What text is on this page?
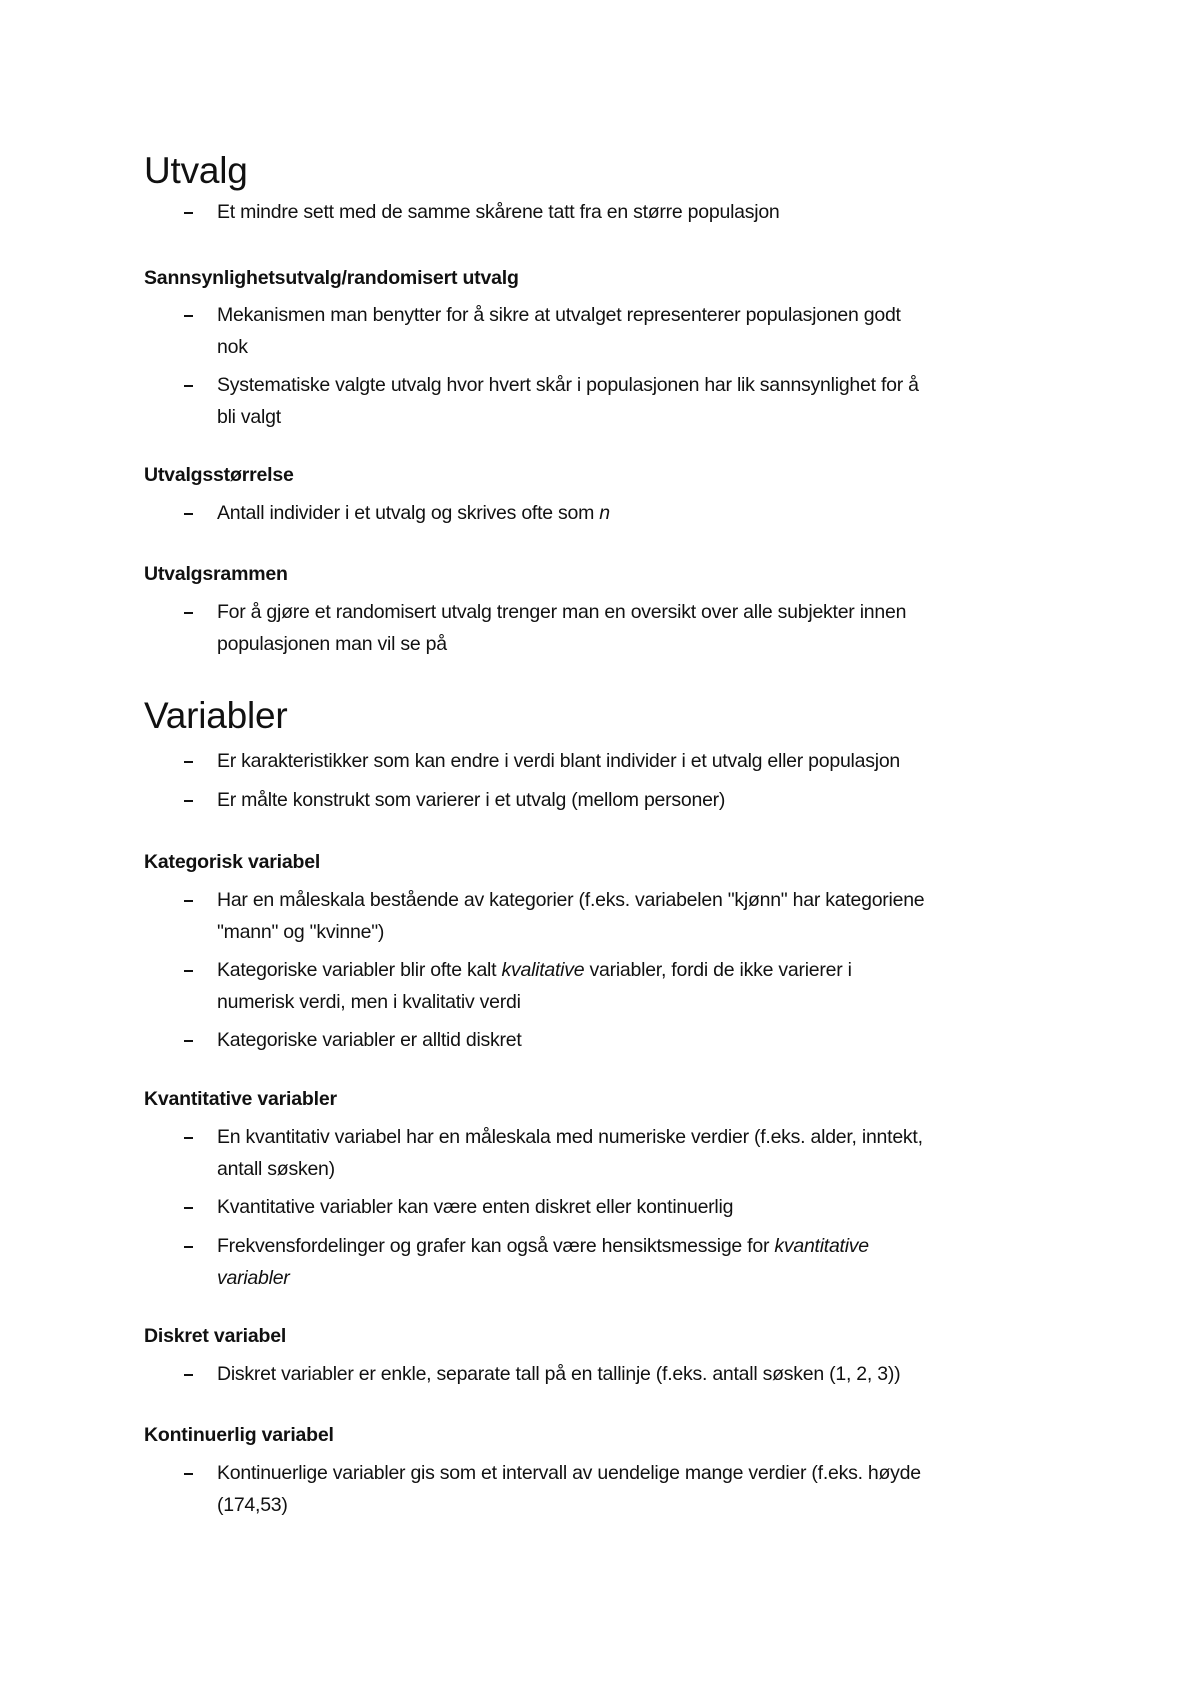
Utvalg
Et mindre sett med de samme skårene tatt fra en større populasjon
Sannsynlighetsutvalg/randomisert utvalg
Mekanismen man benytter for å sikre at utvalget representerer populasjonen godt
nok
Systematiske valgte utvalg hvor hvert skår i populasjonen har lik sannsynlighet for å
bli valgt
Utvalgsstørrelse
Antall individer i et utvalg og skrives ofte som n
Utvalgsrammen
For å gjøre et randomisert utvalg trenger man en oversikt over alle subjekter innen
populasjonen man vil se på
Variabler
Er karakteristikker som kan endre i verdi blant individer i et utvalg eller populasjon
Er målte konstrukt som varierer i et utvalg (mellom personer)
Kategorisk variabel
Har en måleskala bestående av kategorier (f.eks. variabelen "kjønn" har kategoriene
"mann" og "kvinne")
Kategoriske variabler blir ofte kalt kvalitative variabler, fordi de ikke varierer i
numerisk verdi, men i kvalitativ verdi
Kategoriske variabler er alltid diskret
Kvantitative variabler
En kvantitativ variabel har en måleskala med numeriske verdier (f.eks. alder, inntekt,
antall søsken)
Kvantitative variabler kan være enten diskret eller kontinuerlig
Frekvensfordelinger og grafer kan også være hensiktsmessige for kvantitative
variabler
Diskret variabel
Diskret variabler er enkle, separate tall på en tallinje (f.eks. antall søsken (1, 2, 3))
Kontinuerlig variabel
Kontinuerlige variabler gis som et intervall av uendelige mange verdier (f.eks. høyde
(174,53)
